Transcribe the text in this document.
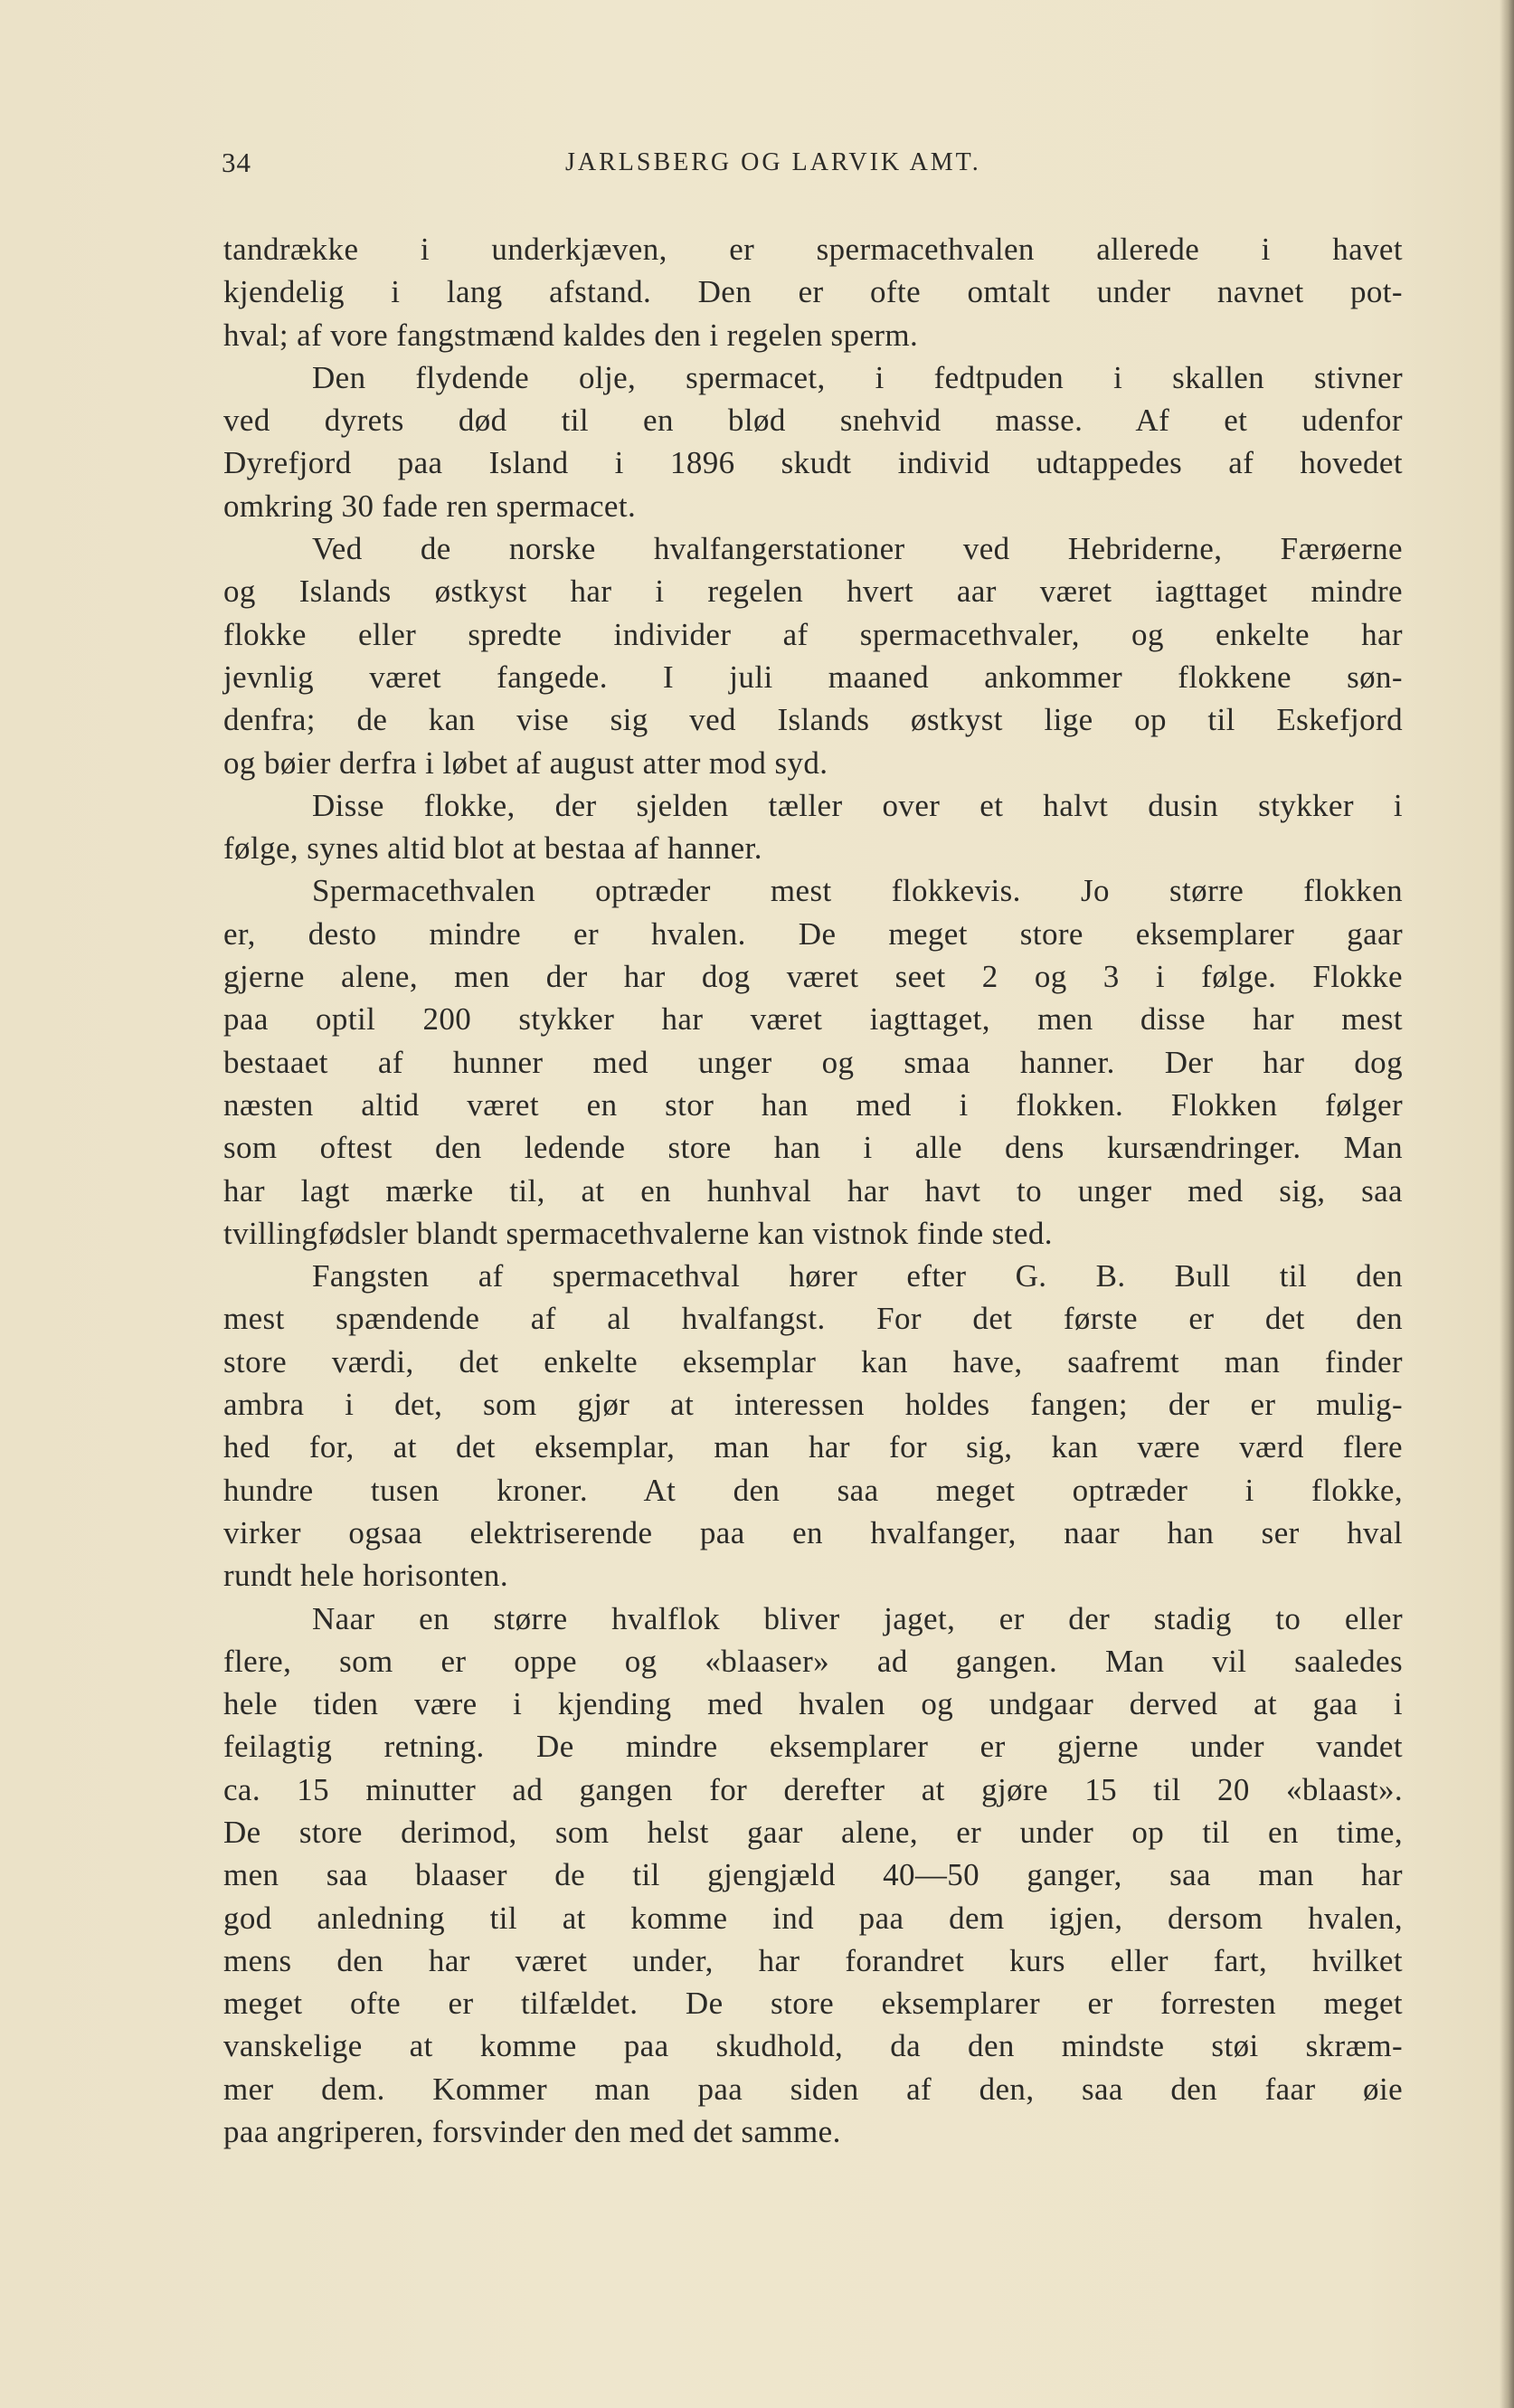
34	JARLSBERG OG LARVIK AMT.
tandrække i underkjæven, er spermacethvalen allerede i havet
kjendelig i lang afstand. Den er ofte omtalt under navnet pot-
hval; af vore fangstmænd kaldes den i regelen sperm.
Den flydende olje, spermacet, i fedtpuden i skallen stivner
ved dyrets død til en blød snehvid masse. Af et udenfor
Dyrefjord paa Island i 1896 skudt individ udtappedes af hovedet
omkring 30 fade ren spermacet.
Ved de norske hvalfangerstationer ved Hebriderne, Færøerne
og Islands østkyst har i regelen hvert aar været iagttaget mindre
flokke eller spredte individer af spermacethvaler, og enkelte har
jevnlig været fangede. I juli maaned ankommer flokkene søn-
denfra; de kan vise sig ved Islands østkyst lige op til Eskefjord
og bøier derfra i løbet af august atter mod syd.
Disse flokke, der sjelden tæller over et halvt dusin stykker i
følge, synes altid blot at bestaa af hanner.
Spermacethvalen optræder mest flokkevis. Jo større flokken
er, desto mindre er hvalen. De meget store eksemplarer gaar
gjerne alene, men der har dog været seet 2 og 3 i følge. Flokke
paa optil 200 stykker har været iagttaget, men disse har mest
bestaaet af hunner med unger og smaa hanner. Der har dog
næsten altid været en stor han med i flokken. Flokken følger
som oftest den ledende store han i alle dens kursændringer. Man
har lagt mærke til, at en hunhval har havt to unger med sig, saa
tvillingfødsler blandt spermacethvalerne kan vistnok finde sted.
Fangsten af spermacethval hører efter G. B. Bull til den
mest spændende af al hvalfangst. For det første er det den
store værdi, det enkelte eksemplar kan have, saafremt man finder
ambra i det, som gjør at interessen holdes fangen; der er mulig-
hed for, at det eksemplar, man har for sig, kan være værd flere
hundre tusen kroner. At den saa meget optræder i flokke,
virker ogsaa elektriserende paa en hvalfanger, naar han ser hval
rundt hele horisonten.
Naar en større hvalflok bliver jaget, er der stadig to eller
flere, som er oppe og «blaaser» ad gangen. Man vil saaledes
hele tiden være i kjending med hvalen og undgaar derved at gaa i
feilagtig retning. De mindre eksemplarer er gjerne under vandet
ca. 15 minutter ad gangen for derefter at gjøre 15 til 20 «blaast».
De store derimod, som helst gaar alene, er under op til en time,
men saa blaaser de til gjengjæld 40—50 ganger, saa man har
god anledning til at komme ind paa dem igjen, dersom hvalen,
mens den har været under, har forandret kurs eller fart, hvilket
meget ofte er tilfældet. De store eksemplarer er forresten meget
vanskelige at komme paa skudhold, da den mindste støi skræm-
mer dem. Kommer man paa siden af den, saa den faar øie
paa angriperen, forsvinder den med det samme.
